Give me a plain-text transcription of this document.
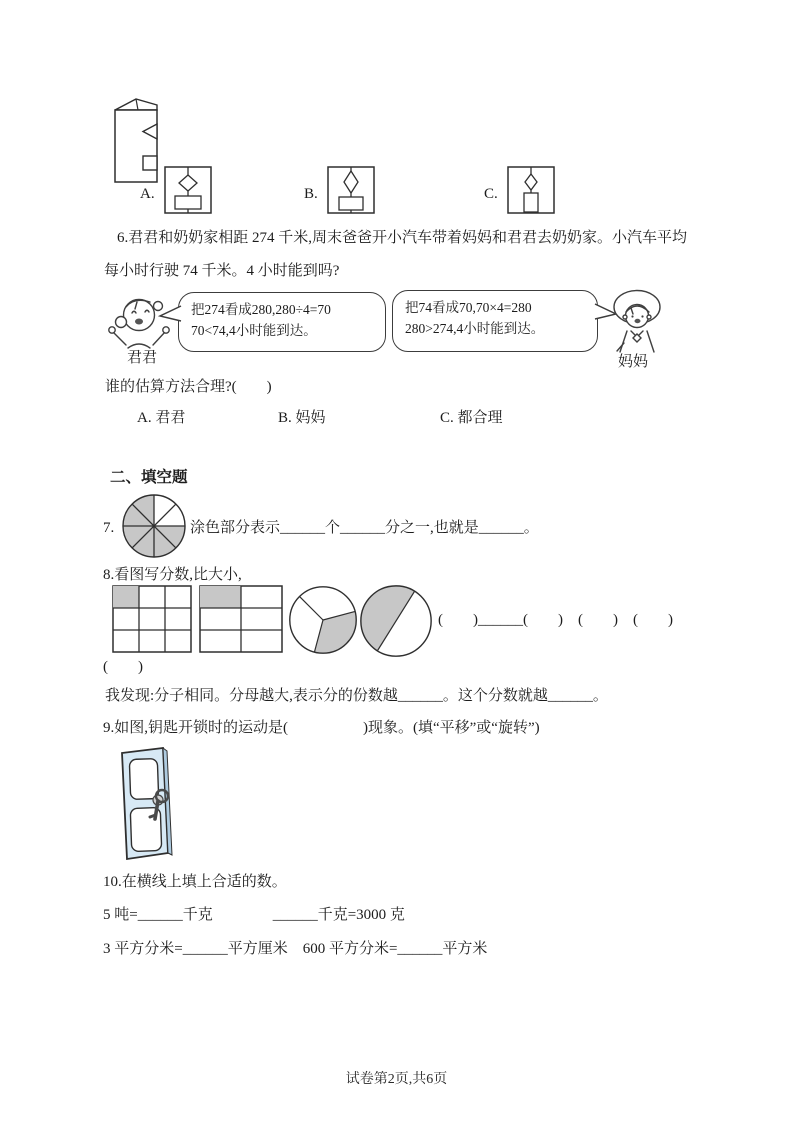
A.	B.	C.
6.君君和奶奶家相距 274 千米,周末爸爸开小汽车带着妈妈和君君去奶奶家。小汽车平均
每小时行驶 74 千米。4 小时能到吗?
君君
把274看成280,280÷4=70
70<74,4小时能到达。
把74看成70,70×4=280
280>274,4小时能到达。
妈妈
谁的估算方法合理?(　　)
A. 君君	B. 妈妈	C. 都合理
二、填空题
7.	涂色部分表示______个______分之一,也就是______。
8.看图写分数,比大小,
(　　)______(　　)　(　　)　(　　)
(　　)
我发现:分子相同。分母越大,表示分的份数越______。这个分数就越______。
9.如图,钥匙开锁时的运动是(　　　　　)现象。(填“平移”或“旋转”)
10.在横线上填上合适的数。
5 吨=______千克　　　　______千克=3000 克
3 平方分米=______平方厘米　600 平方分米=______平方米
试卷第2页,共6页
